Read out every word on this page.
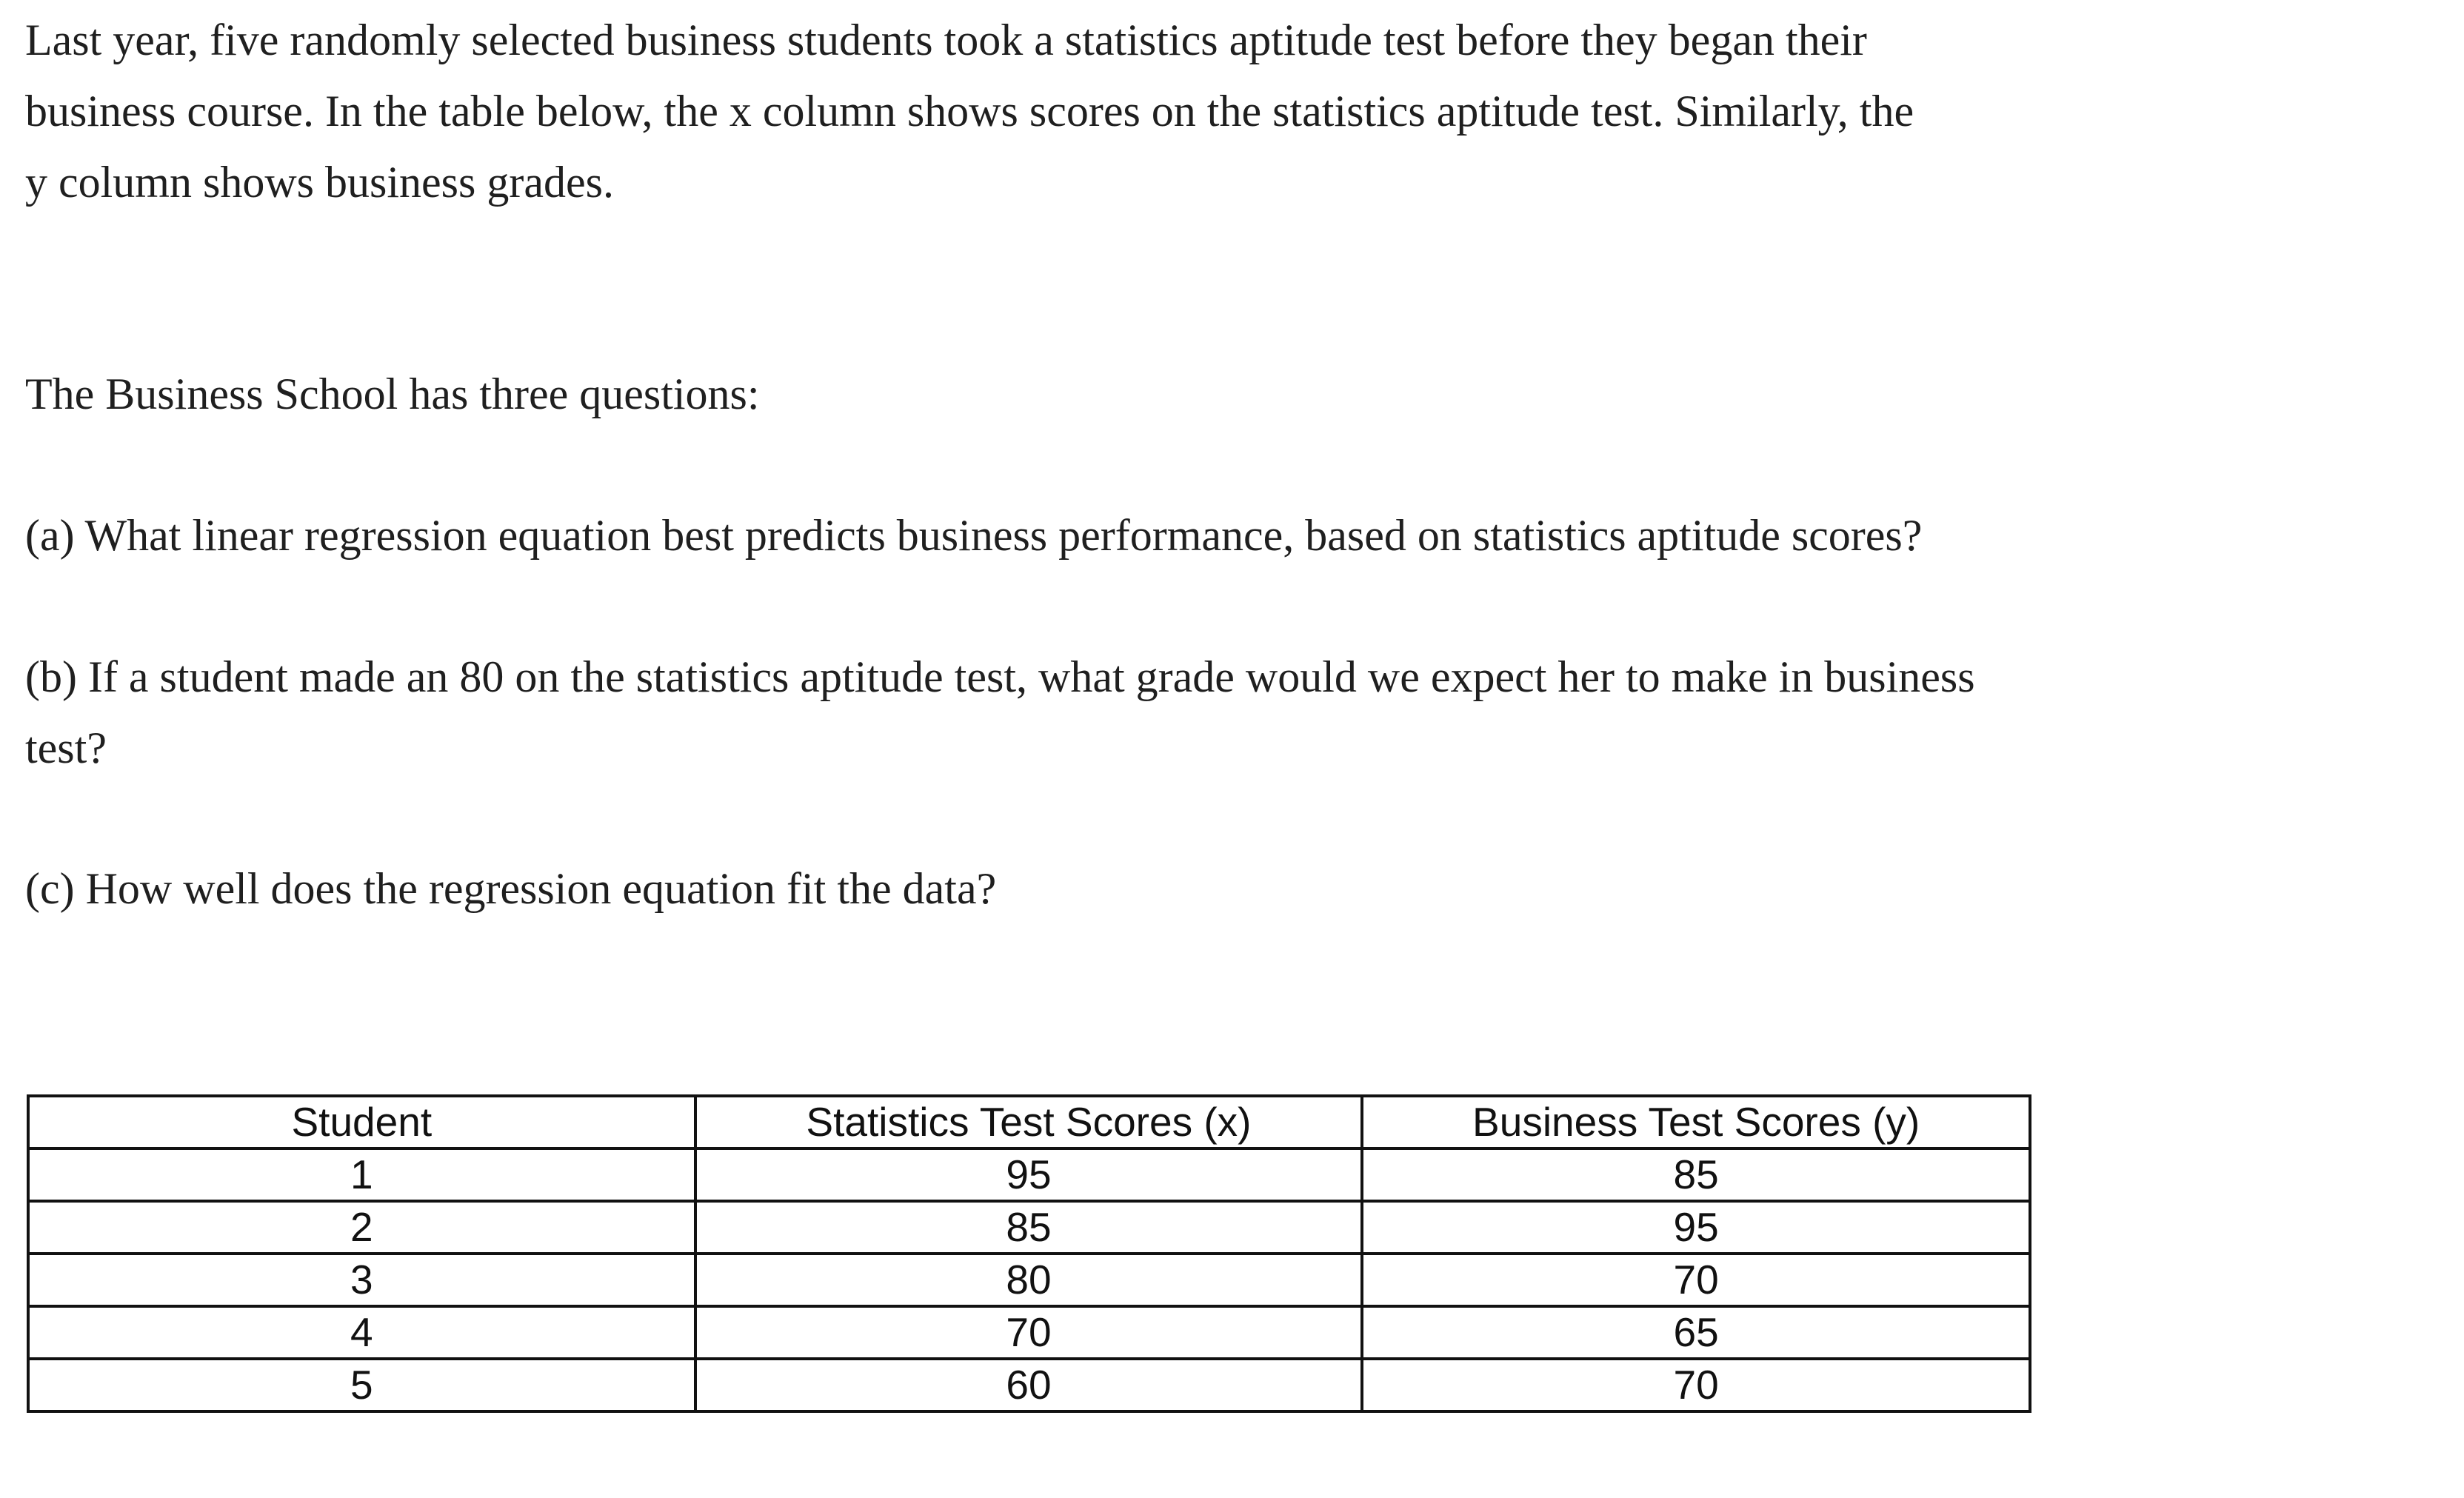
Last year, five randomly selected business students took a statistics aptitude test before they began their
business course. In the table below, the x column shows scores on the statistics aptitude test. Similarly, the
y column shows business grades.

The Business School has three questions:

(a) What linear regression equation best predicts business performance, based on statistics aptitude scores?

(b) If a student made an 80 on the statistics aptitude test, what grade would we expect her to make in business
test?

(c) How well does the regression equation fit the data?

Student	Statistics Test Scores (x)	Business Test Scores (y)
1	95	85
2	85	95
3	80	70
4	70	65
5	60	70
